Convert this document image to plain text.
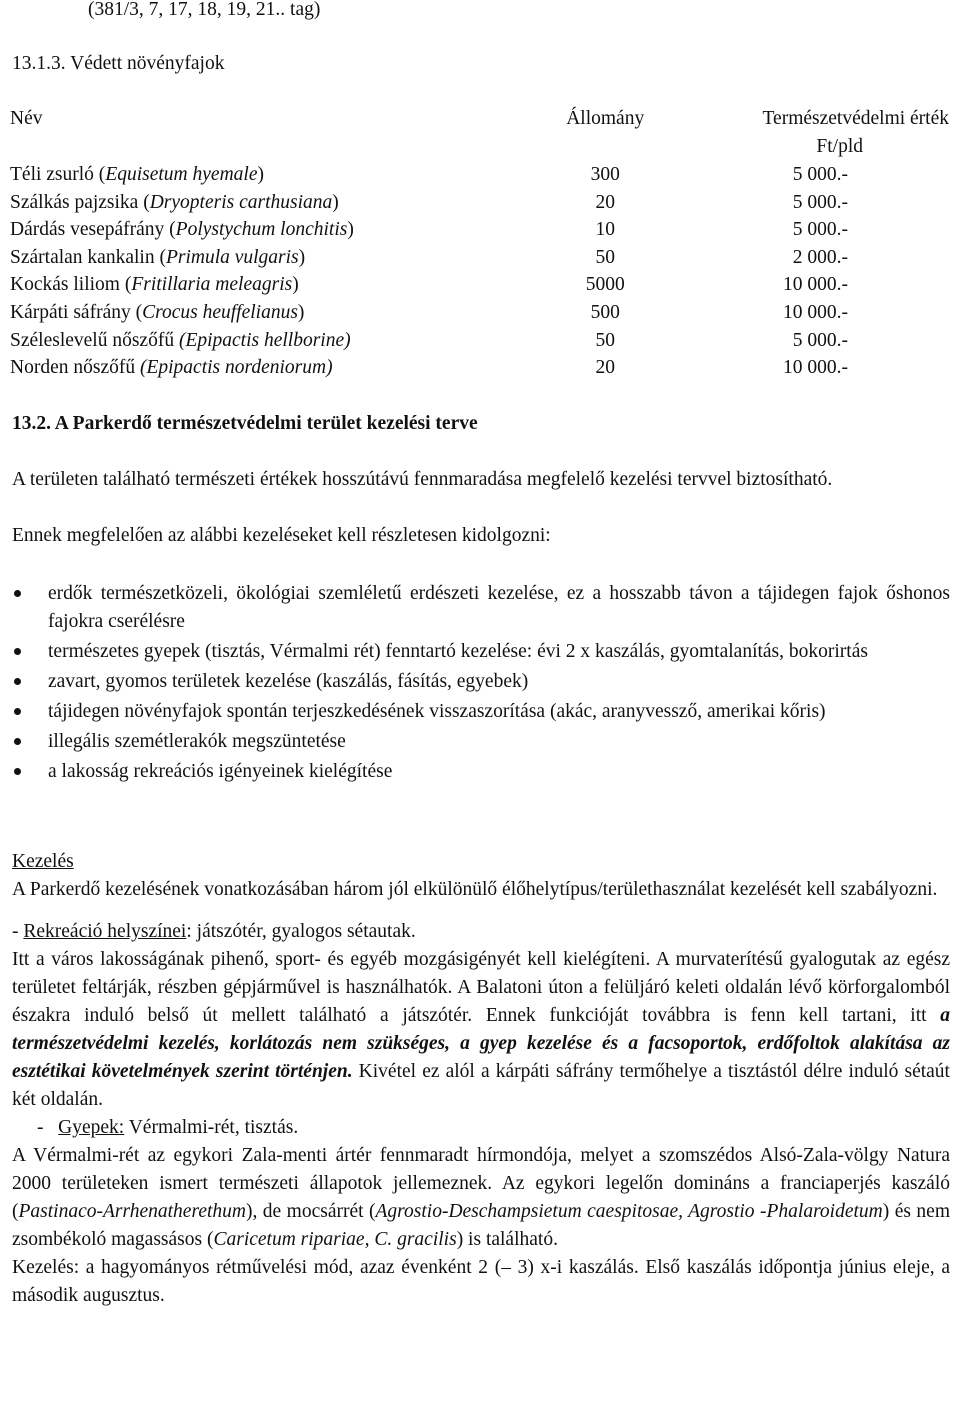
(381/3, 7, 17, 18, 19, 21.. tag)
13.1.3. Védett növényfajok
Név	Állomány	Természetvédelmi érték
Ft/pld

Téli zsurló (Equisetum hyemale)	300	5 000.-
Szálkás pajzsika (Dryopteris carthusiana)	20	5 000.-
Dárdás vesepáfrány (Polystychum lonchitis)	10	5 000.-
Szártalan kankalin (Primula vulgaris)	50	2 000.-
Kockás liliom (Fritillaria meleagris)	5000	10 000.-
Kárpáti sáfrány (Crocus heuffelianus)	500	10 000.-
Széleslevelű nőszőfű (Epipactis hellborine)	50	5 000.-
Norden nőszőfű (Epipactis nordeniorum)	20	10 000.-
13.2. A Parkerdő természetvédelmi terület kezelési terve

A területen található természeti értékek hosszútávú fennmaradása megfelelő kezelési tervvel biztosítható.

Ennek megfelelően az alábbi kezeléseket kell részletesen kidolgozni:

erdők természetközeli, ökológiai szemléletű erdészeti kezelése, ez a hosszabb távon a tájidegen fajok őshonos fajokra cserélésre
természetes gyepek (tisztás, Vérmalmi rét) fenntartó kezelése: évi 2 x kaszálás, gyomtalanítás, bokorirtás
zavart, gyomos területek kezelése (kaszálás, fásítás, egyebek)
tájidegen növényfajok spontán terjeszkedésének visszaszorítása (akác, aranyvessző, amerikai kőris)
illegális szemétlerakók megszüntetése
a lakosság rekreációs igényeinek kielégítése

Kezelés

A Parkerdő kezelésének vonatkozásában három jól elkülönülő élőhelytípus/területhasználat kezelését kell szabályozni.

- Rekreáció helyszínei: játszótér, gyalogos sétautak.

Itt a város lakosságának pihenő, sport- és egyéb mozgásigényét kell kielégíteni. A murvaterítésű gyalogutak az egész területet feltárják, részben gépjárművel is használhatók. A Balatoni úton a felüljáró keleti oldalán lévő körforgalomból északra induló belső út mellett található a játszótér. Ennek funkcióját továbbra is fenn kell tartani, itt a természetvédelmi kezelés, korlátozás nem szükséges, a gyep kezelése és a facsoportok, erdőfoltok alakítása az esztétikai követelmények szerint történjen. Kivétel ez alól a kárpáti sáfrány termőhelye a tisztástól délre induló sétaút két oldalán.

-   Gyepek: Vérmalmi-rét, tisztás.

A Vérmalmi-rét az egykori Zala-menti ártér fennmaradt hírmondója, melyet a szomszédos Alsó-Zala-völgy Natura 2000 területeken ismert természeti állapotok jellemeznek. Az egykori legelőn domináns a franciaperjés kaszáló (Pastinaco-Arrhenatherethum), de mocsárrét (Agrostio-Deschampsietum caespitosae, Agrostio -Phalaroidetum) és nem zsombékoló magassásos (Caricetum ripariae, C. gracilis) is található.

Kezelés: a hagyományos rétművelési mód, azaz évenként 2 (– 3) x-i kaszálás. Első kaszálás időpontja június eleje, a második augusztus.
